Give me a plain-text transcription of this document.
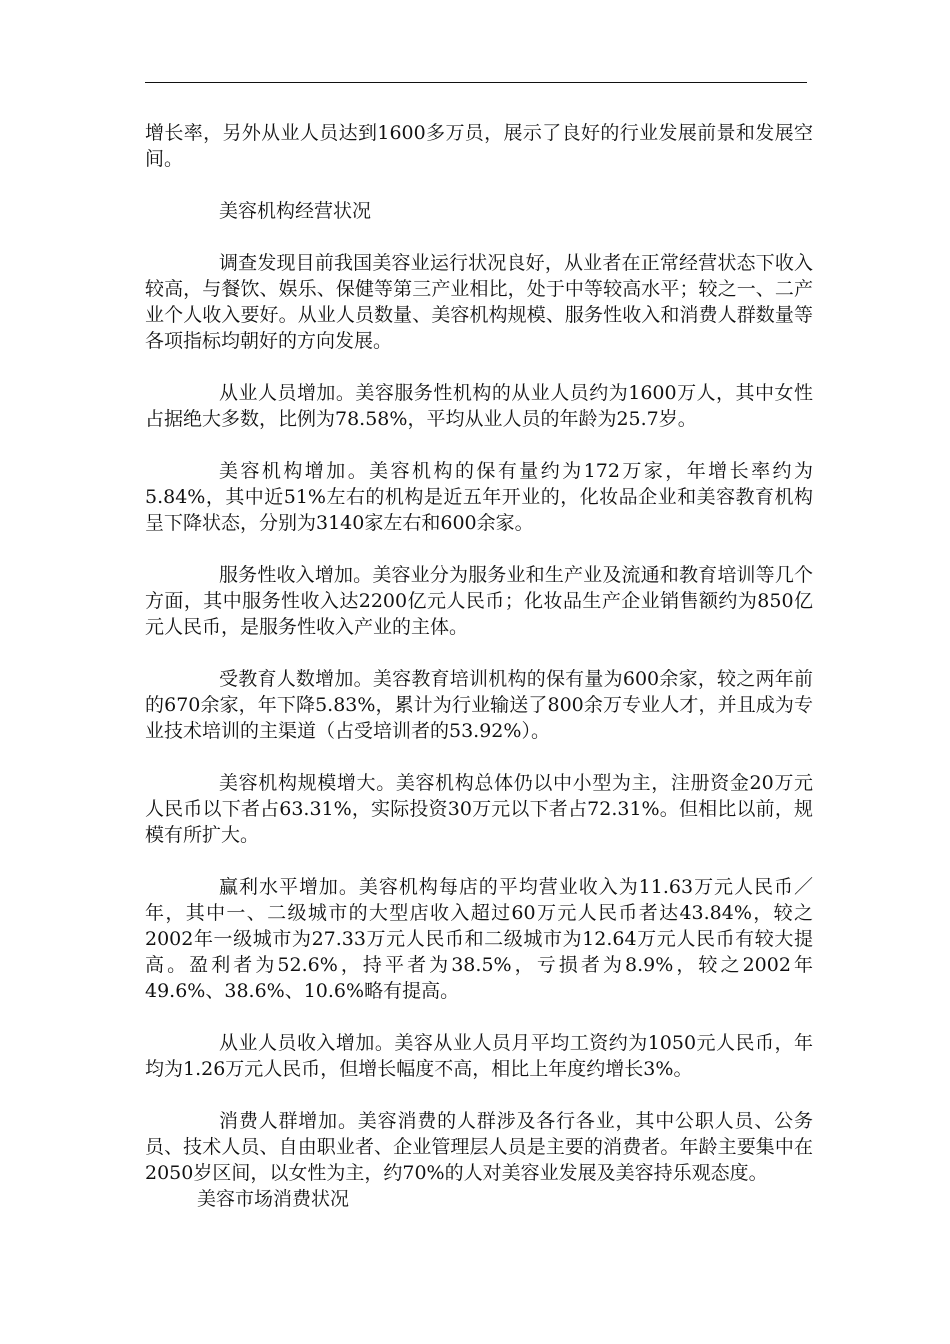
增长率，另外从业人员达到1600多万员，展示了良好的行业发展前景和发展空间。

美容机构经营状况

调查发现目前我国美容业运行状况良好，从业者在正常经营状态下收入较高，与餐饮、娱乐、保健等第三产业相比，处于中等较高水平；较之一、二产业个人收入要好。从业人员数量、美容机构规模、服务性收入和消费人群数量等各项指标均朝好的方向发展。

从业人员增加。美容服务性机构的从业人员约为1600万人，其中女性占据绝大多数，比例为78.58%，平均从业人员的年龄为25.7岁。

美容机构增加。美容机构的保有量约为172万家，年增长率约为5.84%，其中近51%左右的机构是近五年开业的，化妆品企业和美容教育机构呈下降状态，分别为3140家左右和600余家。

服务性收入增加。美容业分为服务业和生产业及流通和教育培训等几个方面，其中服务性收入达2200亿元人民币；化妆品生产企业销售额约为850亿元人民币，是服务性收入产业的主体。

受教育人数增加。美容教育培训机构的保有量为600余家，较之两年前的670余家，年下降5.83%，累计为行业输送了800余万专业人才，并且成为专业技术培训的主渠道（占受培训者的53.92%）。

美容机构规模增大。美容机构总体仍以中小型为主，注册资金20万元人民币以下者占63.31%，实际投资30万元以下者占72.31%。但相比以前，规模有所扩大。

赢利水平增加。美容机构每店的平均营业收入为11.63万元人民币／年，其中一、二级城市的大型店收入超过60万元人民币者达43.84%，较之2002年一级城市为27.33万元人民币和二级城市为12.64万元人民币有较大提高。盈利者为52.6%，持平者为38.5%，亏损者为8.9%，较之2002年49.6%、38.6%、10.6%略有提高。

从业人员收入增加。美容从业人员月平均工资约为1050元人民币，年均为1.26万元人民币，但增长幅度不高，相比上年度约增长3%。

消费人群增加。美容消费的人群涉及各行各业，其中公职人员、公务员、技术人员、自由职业者、企业管理层人员是主要的消费者。年龄主要集中在2050岁区间，以女性为主，约70%的人对美容业发展及美容持乐观态度。

美容市场消费状况
